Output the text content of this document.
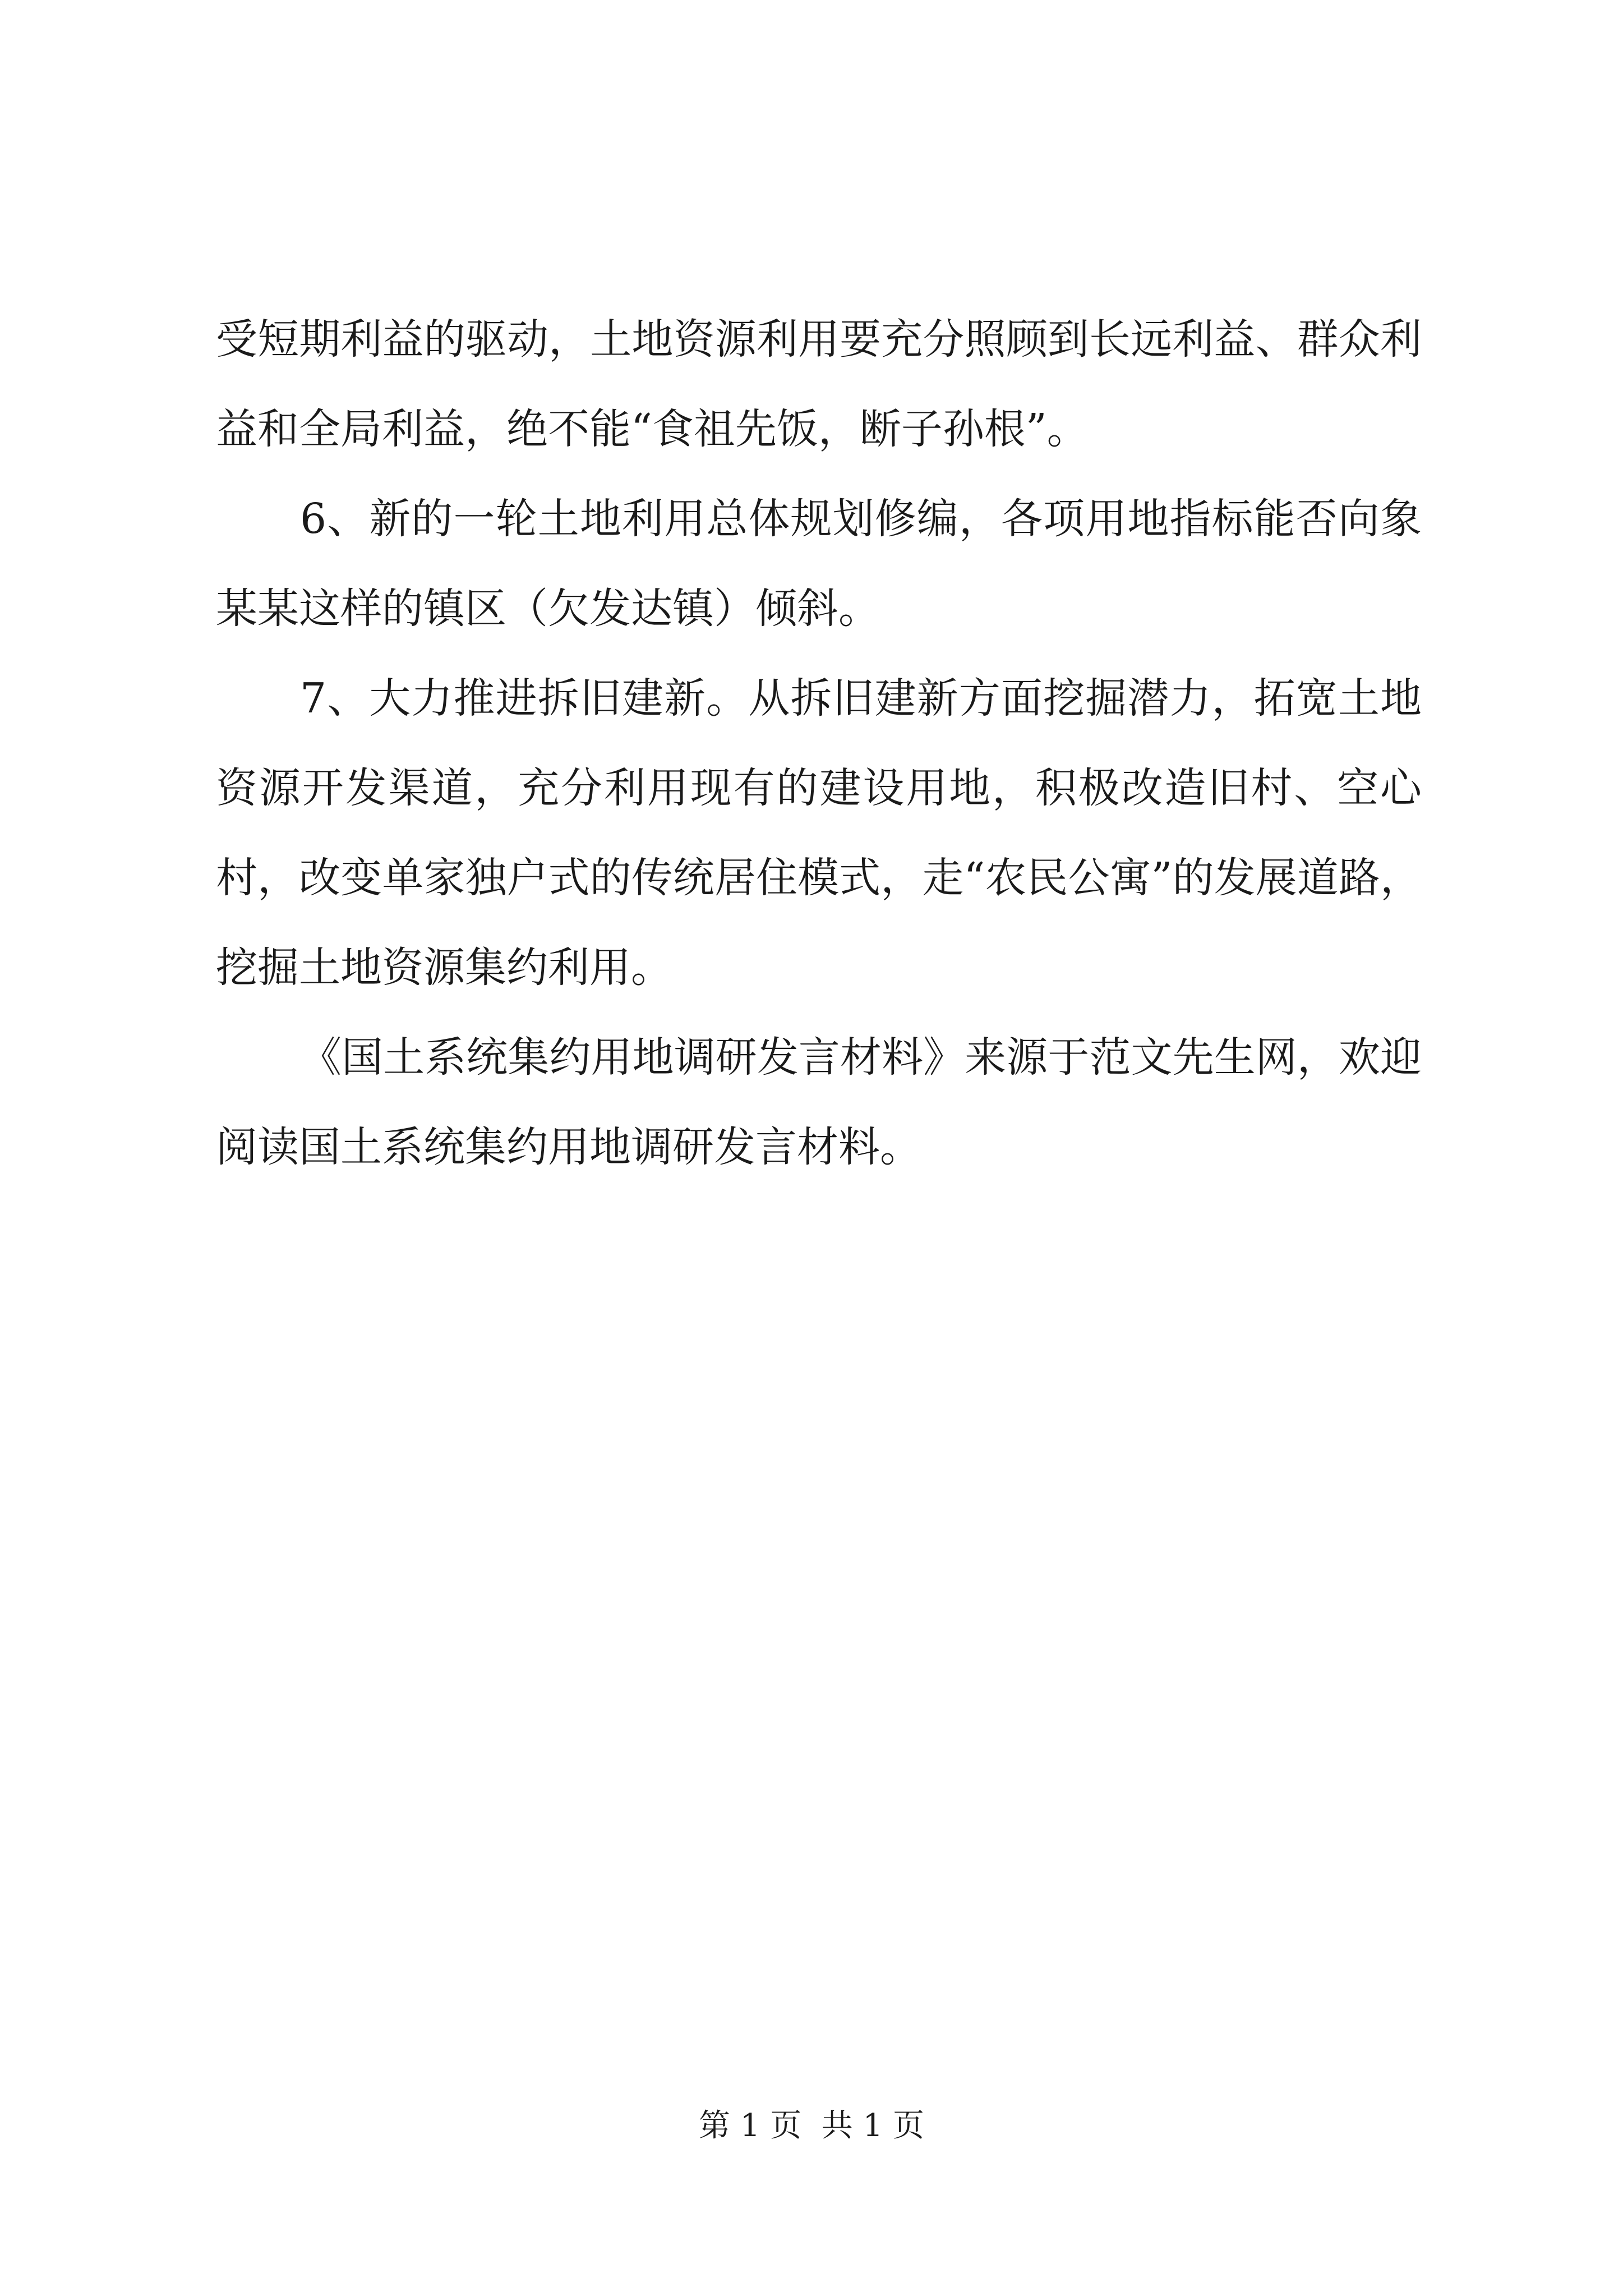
受短期利益的驱动，土地资源利用要充分照顾到长远利益、群众利益和全局利益，绝不能“食祖先饭，断子孙根”。

6、新的一轮土地利用总体规划修编，各项用地指标能否向象某某这样的镇区（欠发达镇）倾斜。

7、大力推进拆旧建新。从拆旧建新方面挖掘潜力，拓宽土地资源开发渠道，充分利用现有的建设用地，积极改造旧村、空心村，改变单家独户式的传统居住模式，走“农民公寓”的发展道路，挖掘土地资源集约利用。

《国土系统集约用地调研发言材料》来源于范文先生网，欢迎阅读国土系统集约用地调研发言材料。

第 1 页  共 1 页
